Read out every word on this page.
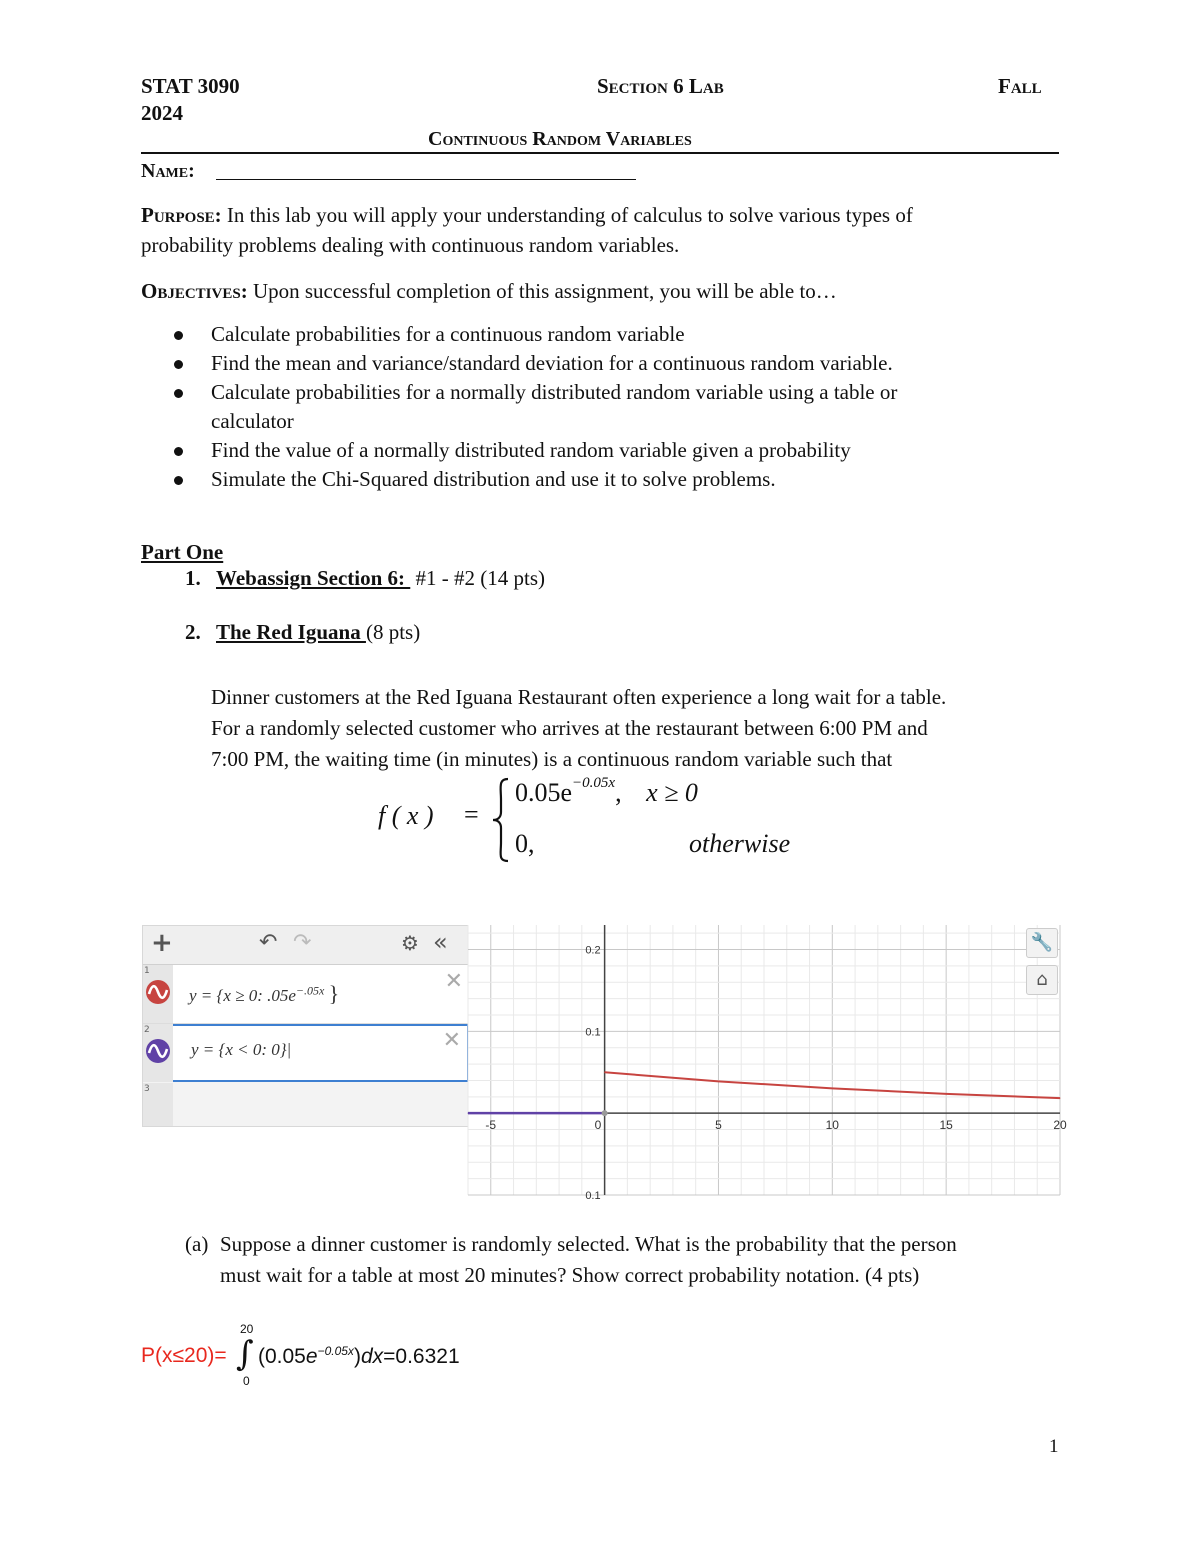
STAT 3090
2024
Section 6 Lab	Fall
Continuous Random Variables
Name:
Purpose: In this lab you will apply your understanding of calculus to solve various types of
probability problems dealing with continuous random variables.
Objectives: Upon successful completion of this assignment, you will be able to…
Calculate probabilities for a continuous random variable
Find the mean and variance/standard deviation for a continuous random variable.
Calculate probabilities for a normally distributed random variable using a table or
calculator
Find the value of a normally distributed random variable given a probability
Simulate the Chi-Squared distribution and use it to solve problems.
Part One
1. Webassign Section 6:  #1 - #2 (14 pts)
2. The Red Iguana (8 pts)
Dinner customers at the Red Iguana Restaurant often experience a long wait for a table.
For a randomly selected customer who arrives at the restaurant between 6:00 PM and
7:00 PM, the waiting time (in minutes) is a continuous random variable such that
f ( x ) =
$0.05e^{-0.05x}$, x ≥ 0
0,	otherwise
+	↶ ↷	⚙ «
1
y = {x ≥ 0: $.05e^{-.05x}$ }	✕
2
y = {x < 0: 0}|	✕
3
-5	0	5	10	15	20
0.2
0.1
0.1
🔧
⌂
(a) Suppose a dinner customer is randomly selected. What is the probability that the person
must wait for a table at most 20 minutes? Show correct probability notation. (4 pts)
P(x≤20)=
20
∫
0
$(0.05e^{-0.05x})dx=0.6321$
1
